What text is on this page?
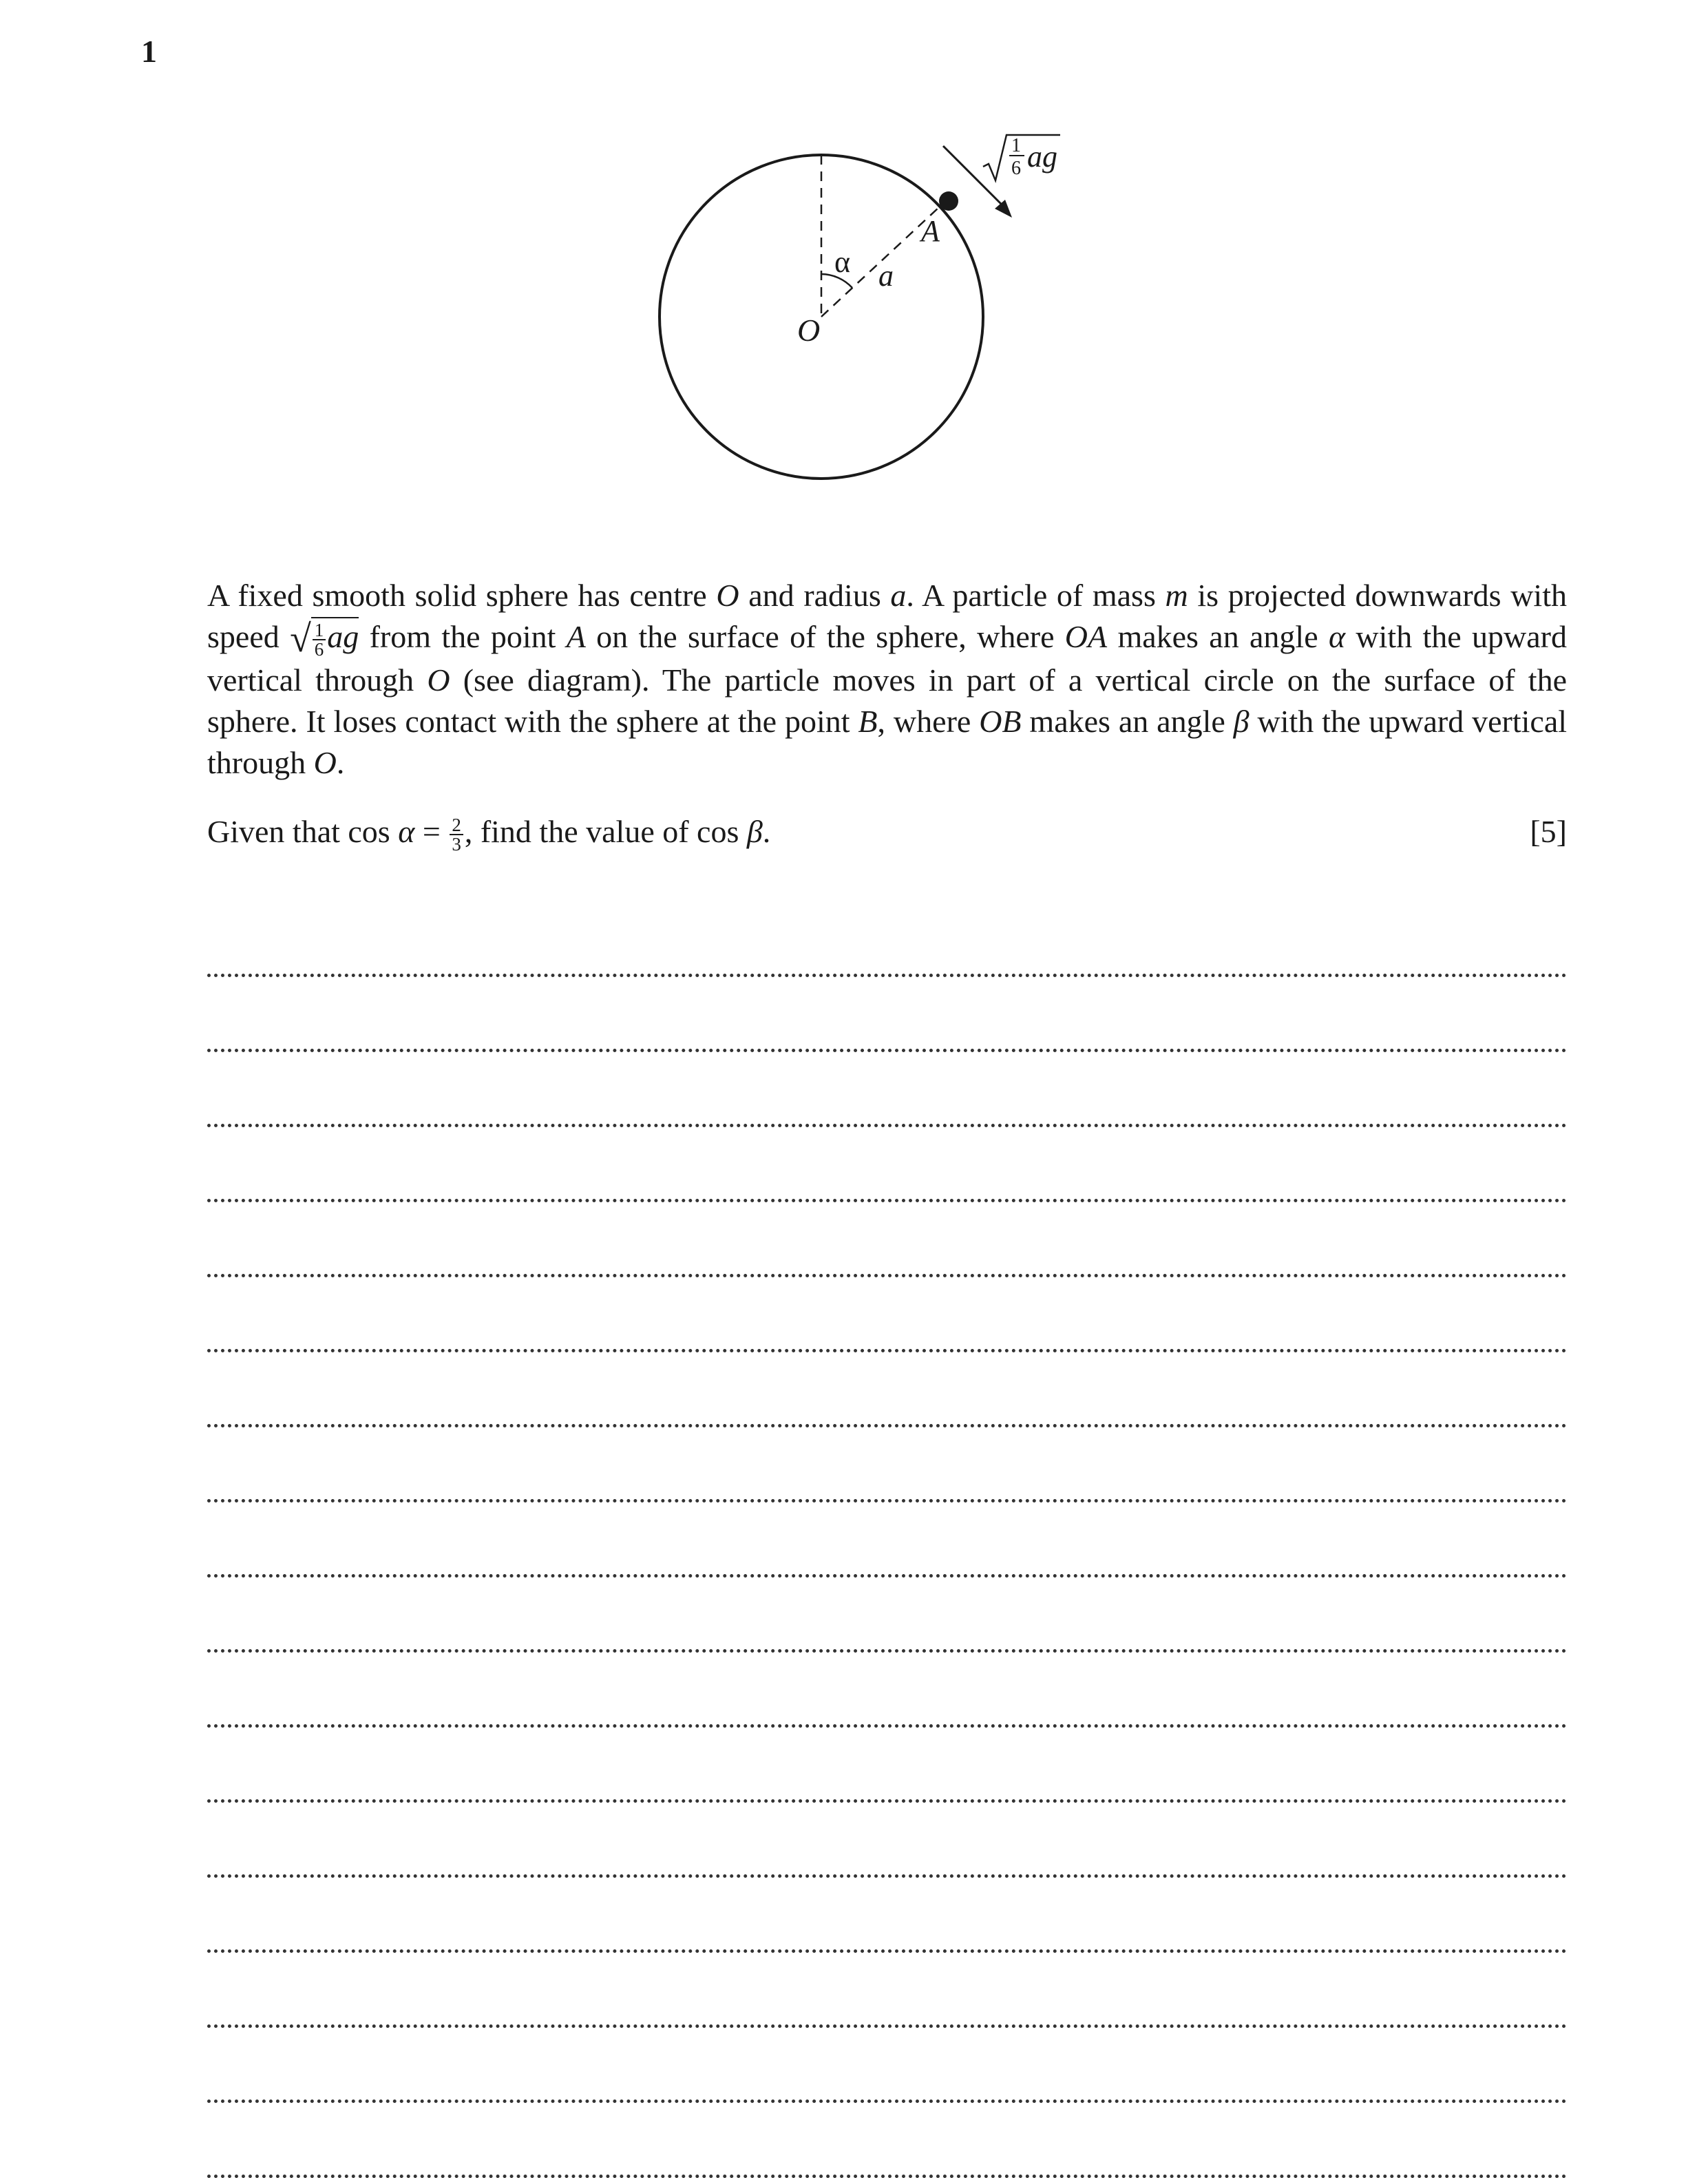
1
O
A
α a
1
6 ag
A fixed smooth solid sphere has centre O and radius a. A particle of mass m is projected downwards with speed √ $\frac{1}{6}$ ag from the point A on the surface of the sphere, where OA makes an angle α with the upward vertical through O (see diagram). The particle moves in part of a vertical circle on the surface of the sphere. It loses contact with the sphere at the point B, where OB makes an angle β with the upward vertical through O.
Given that $\cos \alpha = \frac{2}{3}$ , find the value of cos β.	[5]
